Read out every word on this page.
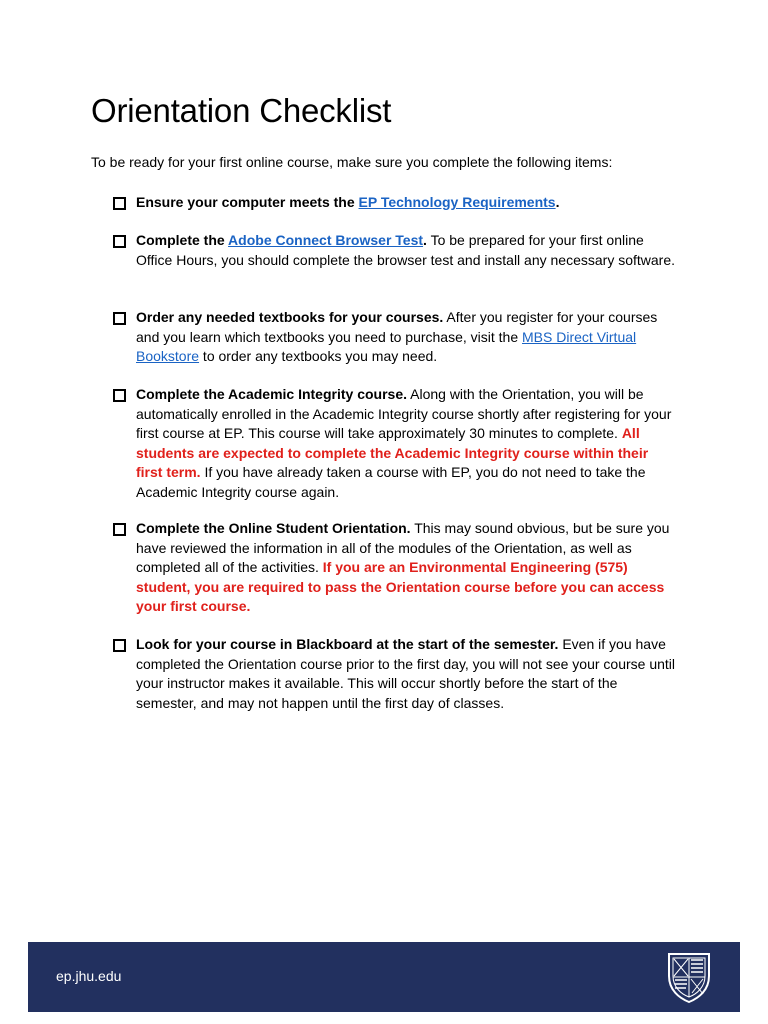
Orientation Checklist

To be ready for your first online course, make sure you complete the following items:

Ensure your computer meets the EP Technology Requirements.
Complete the Adobe Connect Browser Test. To be prepared for your first online Office Hours, you should complete the browser test and install any necessary software.
Order any needed textbooks for your courses. After you register for your courses and you learn which textbooks you need to purchase, visit the MBS Direct Virtual Bookstore to order any textbooks you may need.
Complete the Academic Integrity course. Along with the Orientation, you will be automatically enrolled in the Academic Integrity course shortly after registering for your first course at EP. This course will take approximately 30 minutes to complete. All students are expected to complete the Academic Integrity course within their first term. If you have already taken a course with EP, you do not need to take the Academic Integrity course again.
Complete the Online Student Orientation. This may sound obvious, but be sure you have reviewed the information in all of the modules of the Orientation, as well as completed all of the activities. If you are an Environmental Engineering (575) student, you are required to pass the Orientation course before you can access your first course.
Look for your course in Blackboard at the start of the semester. Even if you have completed the Orientation course prior to the first day, you will not see your course until your instructor makes it available. This will occur shortly before the start of the semester, and may not happen until the first day of classes.
ep.jhu.edu
